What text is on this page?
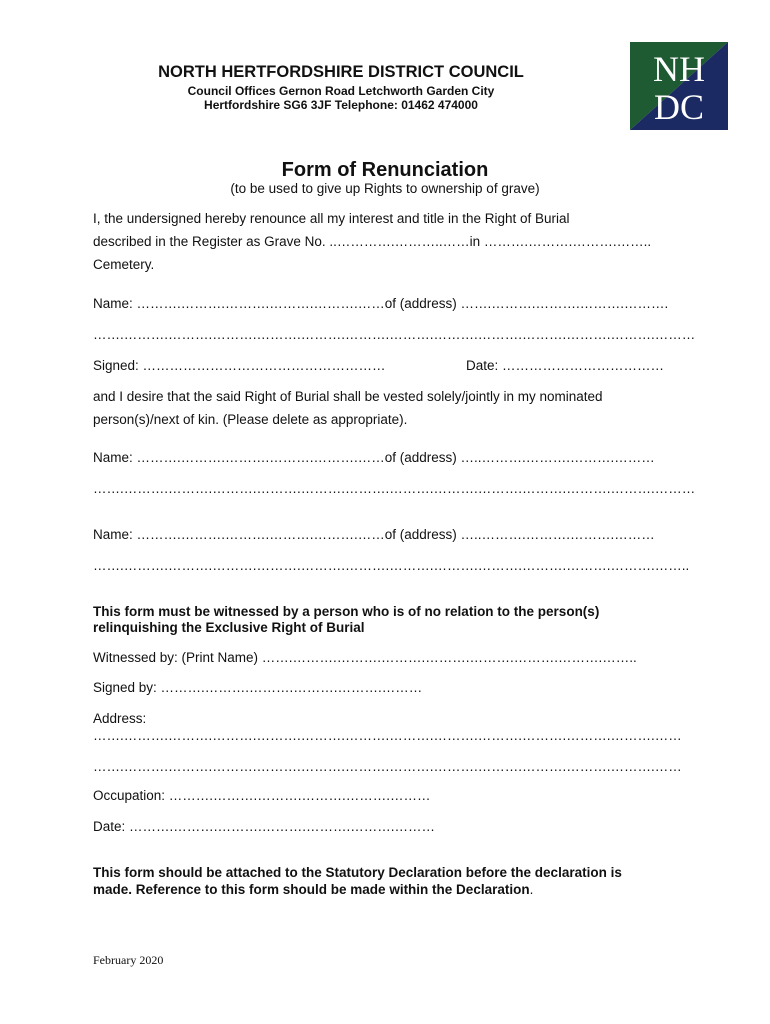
NORTH HERTFORDSHIRE DISTRICT COUNCIL

Council Offices Gernon Road Letchworth Garden City

Hertfordshire SG6 3JF Telephone: 01462 474000

NH
DC

Form of Renunciation

(to be used to give up Rights to ownership of grave)

I, the undersigned hereby renounce all my interest and title in the Right of Burial

described in the Register as Grave No. ..………….………..……in ……….……….……….……..

Cemetery.

Name: ……….……….……….……….……….……of (address) …….……….……….……….……….

…….……….……….……….……….……….……….……….……….……….……….……….……….………

Signed: ………………………………………………	Date: ………………………………

and I desire that the said Right of Burial shall be vested solely/jointly in my nominated

person(s)/next of kin. (Please delete as appropriate).

Name: ……….……….……….……….……….……of (address) …..……….……….……….………

…….……….……….……….……….……….……….……….……….……….……….……….……….………

Name: ……….……….……….……….……….……of (address) …..……….……….……….………

…….……….……….……….……….……….……….……….……….……….……….……….……….……..

This form must be witnessed by a person who is of no relation to the person(s)

relinquishing the Exclusive Right of Burial

Witnessed by: (Print Name) …….……….……….……….……….……….……….……….……..

Signed by: ……….……….……….……….……….………

Address:

…….……….……….……….……….……….……….……….……….……….……….……….……….……

…….……….……….……….……….……….……….……….……….……….……….……….……….……

Occupation: ……….……….……….……….……….………

Date: ……….……….……….……….……….……….………

This form should be attached to the Statutory Declaration before the declaration is

made. Reference to this form should be made within the Declaration.

February 2020
